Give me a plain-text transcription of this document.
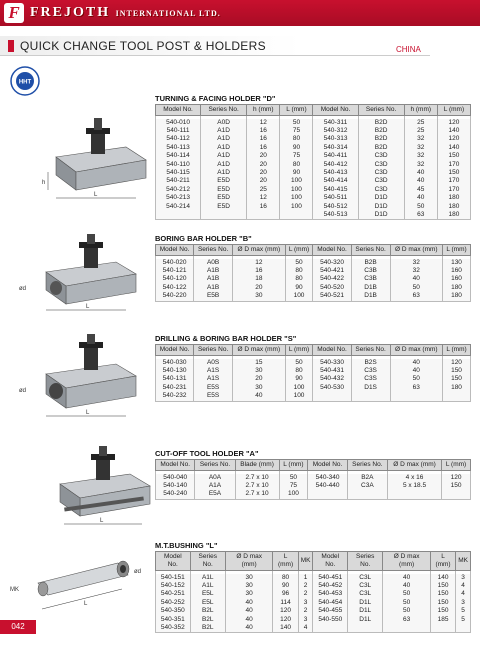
F FREJOTH INTERNATIONAL LTD.
QUICK CHANGE TOOL POST & HOLDERS	CHINA
HHT
TURNING & FACING HOLDER "D"
Model No.	Series No.	h (mm)	L (mm)	Model No.	Series No.	h (mm)	L (mm)

540-010	A0D	12	50	540-311	B2D	25	120
540-111	A1D	16	75	540-312	B2D	25	140
540-112	A1D	16	80	540-313	B2D	32	120
540-113	A1D	16	90	540-314	B2D	32	140
540-114	A1D	20	75	540-411	C3D	32	150
540-110	A1D	20	80	540-412	C3D	32	170
540-115	A1D	20	90	540-413	C3D	40	150
540-211	E5D	20	100	540-414	C3D	40	170
540-212	E5D	25	100	540-415	C3D	45	170
540-213	E5D	12	100	540-511	D1D	40	180
540-214	E5D	16	100	540-512	D1D	50	180
				540-513	D1D	63	180
h
L
BORING BAR HOLDER "B"
Model No.	Series No.	Ø D max (mm)	L (mm)	Model No.	Series No.	Ø D max (mm)	L (mm)

540-020	A0B	12	50	540-320	B2B	32	130
540-121	A1B	16	80	540-421	C3B	32	160
540-120	A1B	18	80	540-422	C3B	40	160
540-122	A1B	20	90	540-520	D1B	50	180
540-220	E5B	30	100	540-521	D1B	63	180
ød
L
DRILLING & BORING BAR HOLDER "S"
Model No.	Series No.	Ø D max (mm)	L (mm)	Model No.	Series No.	Ø D max (mm)	L (mm)

540-030	A0S	15	50	540-330	B2S	40	120
540-130	A1S	30	80	540-431	C3S	40	150
540-131	A1S	20	90	540-432	C3S	50	150
540-231	E5S	30	100	540-530	D1S	63	180
540-232	E5S	40	100				
ød
L
CUT-OFF TOOL HOLDER "A"
Model No.	Series No.	Blade (mm)	L (mm)	Model No.	Series No.	Ø D max (mm)	L (mm)

540-040	A0A	2.7 x 10	50	540-340	B2A	4 x 16	120
540-140	A1A	2.7 x 10	75	540-440	C3A	5 x 18.5	150
540-240	E5A	2.7 x 10	100				
L
M.T.BUSHING "L"
Model No.	Series No.	Ø D max (mm)	L (mm)	MK	Model No.	Series No.	Ø D max (mm)	L (mm)	MK

540-151	A1L	30	80	1	540-451	C3L	40	140	3
540-152	A1L	30	90	2	540-452	C3L	40	150	4
540-251	E5L	30	96	2	540-453	C3L	50	150	4
540-252	E5L	40	114	3	540-454	D1L	50	150	3
540-350	B2L	40	120	2	540-455	D1L	50	150	5
540-351	B2L	40	120	3	540-550	D1L	63	185	5
540-352	B2L	40	140	4					
ød
MK
L
042
